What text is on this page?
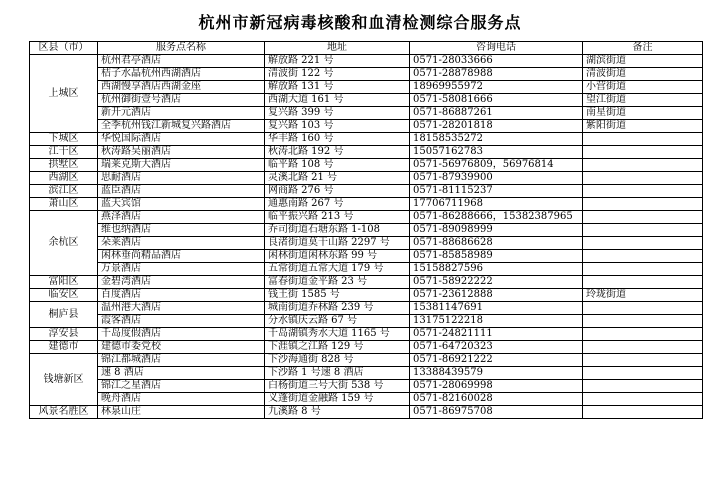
杭州市新冠病毒核酸和血清检测综合服务点
区县（市）	服务点名称	地址	咨询电话	备注
上城区	杭州君亭酒店	解放路 221 号	0571-28033666	湖滨街道
	桔子水晶杭州西湖酒店	清波街 122 号	0571-28878988	清波街道
	西湖慢享酒店西湖金座	解放路 131 号	18969955972	小营街道
	杭州御街壹号酒店	西湖大道 161 号	0571-58081666	望江街道
	新开元酒店	复兴路 399 号	0571-86887261	南星街道
	全季杭州钱江新城复兴路酒店	复兴路 103 号	0571-28201818	紫阳街道
下城区	华悦国际酒店	华丰路 160 号	18158535272	
江干区	秋涛路吴丽酒店	秋涛北路 192 号	15057162783	
拱墅区	瑞莱克斯大酒店	临平路 108 号	0571-56976809，56976814	
西湖区	思耐酒店	灵溪北路 21 号	0571-87939900	
滨江区	蓝臣酒店	网商路 276 号	0571-81115237	
萧山区	蓝天宾馆	通惠南路 267 号	17706711968	
余杭区	燕泽酒店	临平振兴路 213 号	0571-86288666，15382387965	
	维也纳酒店	乔司街道石塘东路 1-108	0571-89098999	
	朵莱酒店	良渚街道莫干山路 2297 号	0571-88686628	
	闲林垂尚精品酒店	闲林街道闲林东路 99 号	0571-85858989	
	万景酒店	五常街道五常大道 179 号	15158827596	
富阳区	金碧湾酒店	富春街道金平路 23 号	0571-58922222	
临安区	百度酒店	钱王街 1585 号	0571-23612888	玲珑街道
桐庐县	温州港大酒店	城南街道乔林路 239 号	15381147691	
	霞客酒店	分水镇庆云路 67 号	13175122218	
淳安县	千岛度假酒店	千岛湖镇秀水大道 1165 号	0571-24821111	
建德市	建德市委党校	下涯镇之江路 129 号	0571-64720323	
钱塘新区	锦江都城酒店	下沙海通街 828 号	0571-86921222	
	速 8 酒店	下沙路 1 号速 8 酒店	13388439579	
	锦江之星酒店	白杨街道三号大街 538 号	0571-28069998	
	晚舟酒店	义蓬街道金融路 159 号	0571-82160028	
风景名胜区	林泉山庄	九溪路 8 号	0571-86975708	
